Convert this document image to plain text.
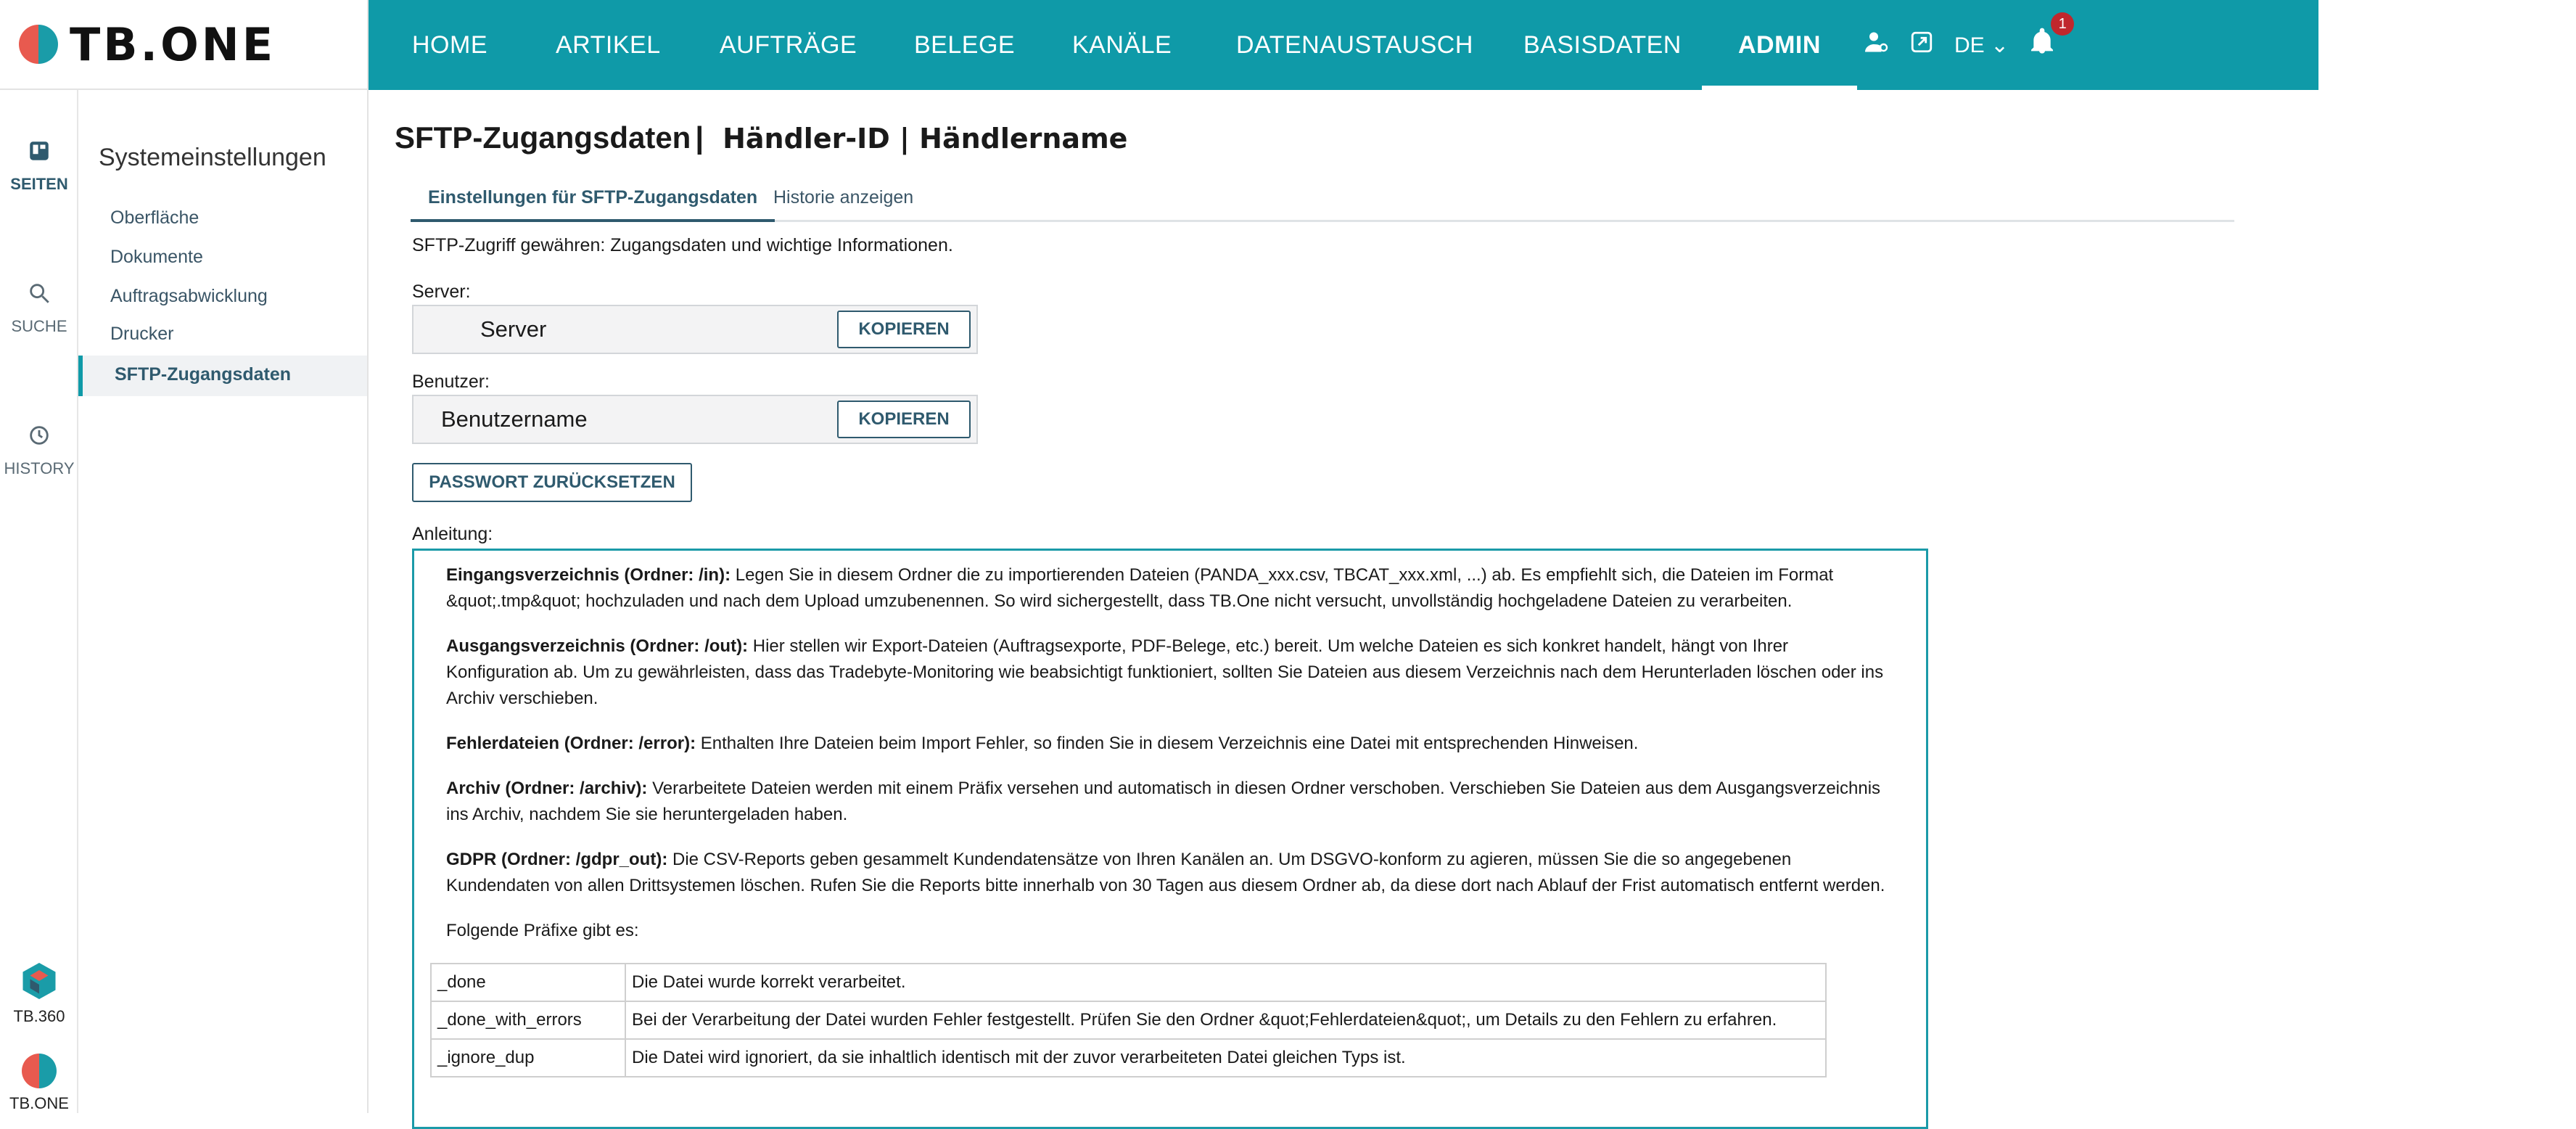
TB.ONE	HOME	ARTIKEL AUFTRÄGE BELEGE KANÄLE	DATENAUSTAUSCH BASISDATEN ADMIN	DE ⌄
1	Mein Account
(Händler-ID)
SEITEN
SUCHE
HISTORY
TB.360
TB.ONE
Systemeinstellungen
Oberfläche
Dokumente
Auftragsabwicklung
Drucker
SFTP-Zugangsdaten
SFTP-Zugangsdaten | Händler-ID | Händlername
Einstellungen für SFTP-Zugangsdaten Historie anzeigen
SFTP-Zugriff gewähren: Zugangsdaten und wichtige Informationen.
Server:
Server	KOPIEREN
Benutzer:
Benutzername	KOPIEREN
PASSWORT ZURÜCKSETZEN
Anleitung:
Eingangsverzeichnis (Ordner: /in): Legen Sie in diesem Ordner die zu importierenden Dateien (PANDA_xxx.csv, TBCAT_xxx.xml, ...) ab. Es empfiehlt sich, die Dateien im Format &quot;.tmp&quot; hochzuladen und nach dem Upload umzubenennen. So wird sichergestellt, dass TB.One nicht versucht, unvollständig hochgeladene Dateien zu verarbeiten.
Ausgangsverzeichnis (Ordner: /out): Hier stellen wir Export-Dateien (Auftragsexporte, PDF-Belege, etc.) bereit. Um welche Dateien es sich konkret handelt, hängt von Ihrer Konfiguration ab. Um zu gewährleisten, dass das Tradebyte-Monitoring wie beabsichtigt funktioniert, sollten Sie Dateien aus diesem Verzeichnis nach dem Herunterladen löschen oder ins Archiv verschieben.
Fehlerdateien (Ordner: /error): Enthalten Ihre Dateien beim Import Fehler, so finden Sie in diesem Verzeichnis eine Datei mit entsprechenden Hinweisen.
Archiv (Ordner: /archiv): Verarbeitete Dateien werden mit einem Präfix versehen und automatisch in diesen Ordner verschoben. Verschieben Sie Dateien aus dem Ausgangsverzeichnis ins Archiv, nachdem Sie sie heruntergeladen haben.
GDPR (Ordner: /gdpr_out): Die CSV-Reports geben gesammelt Kundendatensätze von Ihren Kanälen an. Um DSGVO-konform zu agieren, müssen Sie die so angegebenen Kundendaten von allen Drittsystemen löschen. Rufen Sie die Reports bitte innerhalb von 30 Tagen aus diesem Ordner ab, da diese dort nach Ablauf der Frist automatisch entfernt werden.
Folgende Präfixe gibt es:
_done	Die Datei wurde korrekt verarbeitet.
_done_with_errors	Bei der Verarbeitung der Datei wurden Fehler festgestellt. Prüfen Sie den Ordner &quot;Fehlerdateien&quot;, um Details zu den Fehlern zu erfahren.
_ignore_dup	Die Datei wird ignoriert, da sie inhaltlich identisch mit der zuvor verarbeiteten Datei gleichen Typs ist.
